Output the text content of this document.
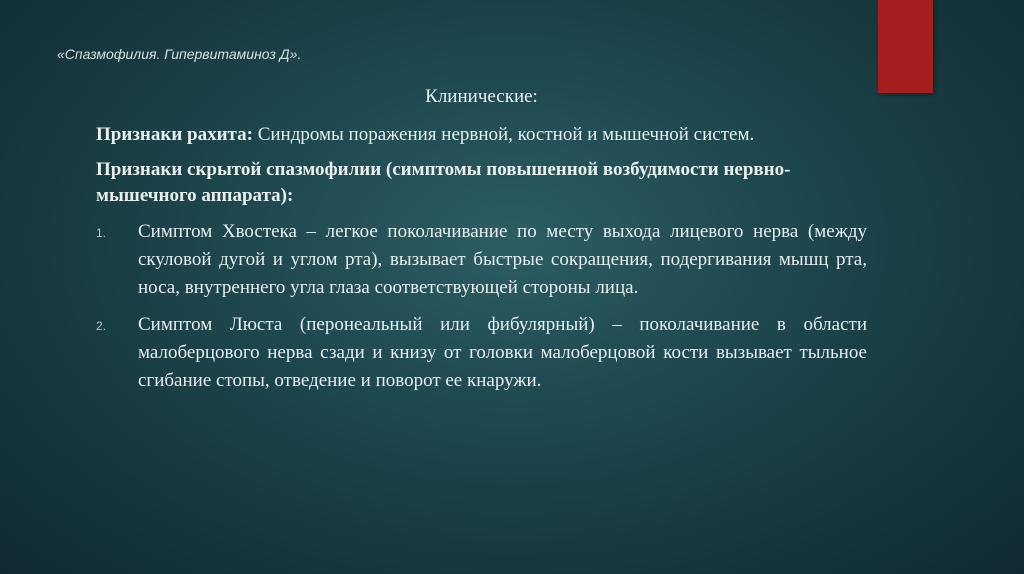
«Спазмофилия. Гипервитаминоз Д».
Клинические:
Признаки рахита: Синдромы поражения нервной, костной и мышечной систем.
Признаки скрытой спазмофилии (симптомы повышенной возбудимости нервно-мышечного аппарата):
1. Симптом Хвостека – легкое поколачивание по месту выхода лицевого нерва (между скуловой дугой и углом рта), вызывает быстрые сокращения, подергивания мышц рта, носа, внутреннего угла глаза соответствующей стороны лица.
2. Симптом Люста (перонеальный или фибулярный) – поколачивание в области малоберцового нерва сзади и книзу от головки малоберцовой кости вызывает тыльное сгибание стопы, отведение и поворот ее кнаружи.
